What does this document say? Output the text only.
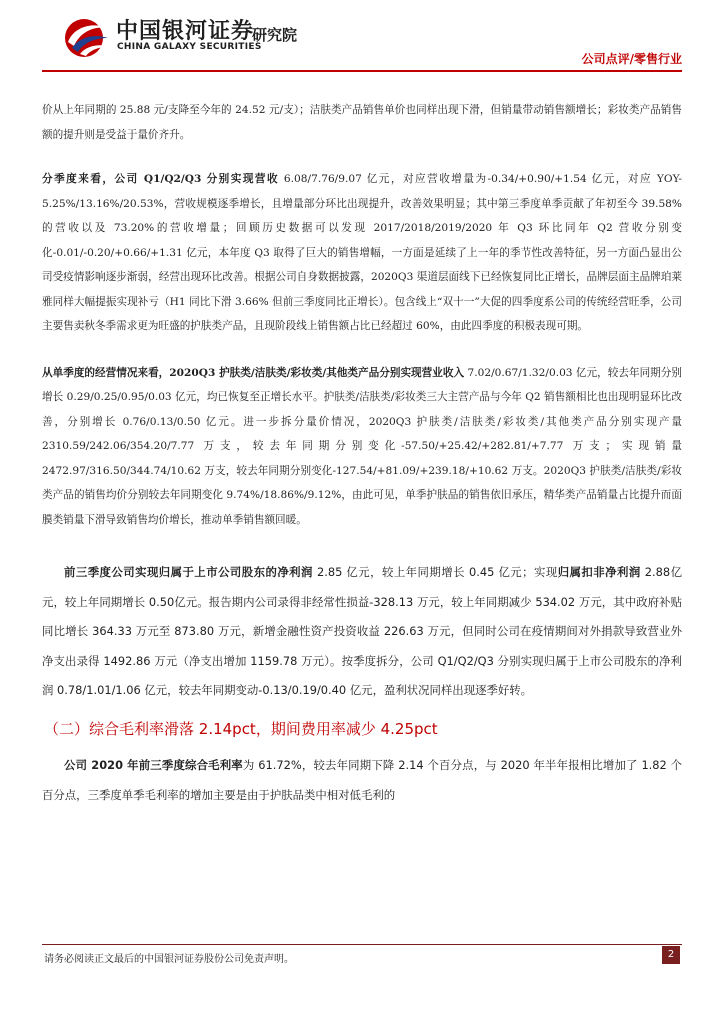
中国银河证券
CHINA GALAXY SECURITIES
研究院
公司点评/零售行业

价从上年同期的 25.88 元/支降至今年的 24.52 元/支）；洁肤类产品销售单价也同样出现下滑，但销量带动销售额增长；彩妆类产品销售额的提升则是受益于量价齐升。

分季度来看，公司 Q1/Q2/Q3 分别实现营收 6.08/7.76/9.07 亿元，对应营收增量为-0.34/+0.90/+1.54 亿元，对应 YOY-5.25%/13.16%/20.53%，营收规模逐季增长，且增量部分环比出现提升，改善效果明显；其中第三季度单季贡献了年初至今 39.58%的营收以及 73.20%的营收增量；回顾历史数据可以发现 2017/2018/2019/2020 年 Q3 环比同年 Q2 营收分别变化-0.01/-0.20/+0.66/+1.31 亿元，本年度 Q3 取得了巨大的销售增幅，一方面是延续了上一年的季节性改善特征，另一方面凸显出公司受疫情影响逐步渐弱，经营出现环比改善。根据公司自身数据披露，2020Q3 渠道层面线下已经恢复同比正增长，品牌层面主品牌珀莱雅同样大幅提振实现补亏（H1 同比下滑 3.66% 但前三季度同比正增长）。包含线上“双十一”大促的四季度系公司的传统经营旺季，公司主要售卖秋冬季需求更为旺盛的护肤类产品，且现阶段线上销售额占比已经超过 60%，由此四季度的积极表现可期。

从单季度的经营情况来看，2020Q3 护肤类/洁肤类/彩妆类/其他类产品分别实现营业收入 7.02/0.67/1.32/0.03 亿元，较去年同期分别增长 0.29/0.25/0.95/0.03 亿元，均已恢复至正增长水平。护肤类/洁肤类/彩妆类三大主营产品与今年 Q2 销售额相比也出现明显环比改善，分别增长 0.76/0.13/0.50 亿元。进一步拆分量价情况，2020Q3 护肤类/洁肤类/彩妆类/其他类产品分别实现产量 2310.59/242.06/354.20/7.77 万支，较去年同期分别变化-57.50/+25.42/+282.81/+7.77 万支；实现销量 2472.97/316.50/344.74/10.62 万支，较去年同期分别变化-127.54/+81.09/+239.18/+10.62 万支。2020Q3 护肤类/洁肤类/彩妆类产品的销售均价分别较去年同期变化 9.74%/18.86%/9.12%，由此可见，单季护肤品的销售依旧承压，精华类产品销量占比提升而面膜类销量下滑导致销售均价增长，推动单季销售额回暖。

前三季度公司实现归属于上市公司股东的净利润 2.85 亿元，较上年同期增长 0.45 亿元；实现归属扣非净利润 2.88亿元，较上年同期增长 0.50亿元。报告期内公司录得非经常性损益-328.13 万元，较上年同期减少 534.02 万元，其中政府补贴同比增长 364.33 万元至 873.80 万元，新增金融性资产投资收益 226.63 万元，但同时公司在疫情期间对外捐款导致营业外净支出录得 1492.86 万元（净支出增加 1159.78 万元）。按季度拆分，公司 Q1/Q2/Q3 分别实现归属于上市公司股东的净利润 0.78/1.01/1.06 亿元，较去年同期变动-0.13/0.19/0.40 亿元，盈利状况同样出现逐季好转。

（二）综合毛利率滑落 2.14pct，期间费用率减少 4.25pct

公司 2020 年前三季度综合毛利率为 61.72%，较去年同期下降 2.14 个百分点，与 2020 年半年报相比增加了 1.82 个百分点，三季度单季毛利率的增加主要是由于护肤品类中相对低毛利的

请务必阅读正文最后的中国银河证券股份公司免责声明。	2
